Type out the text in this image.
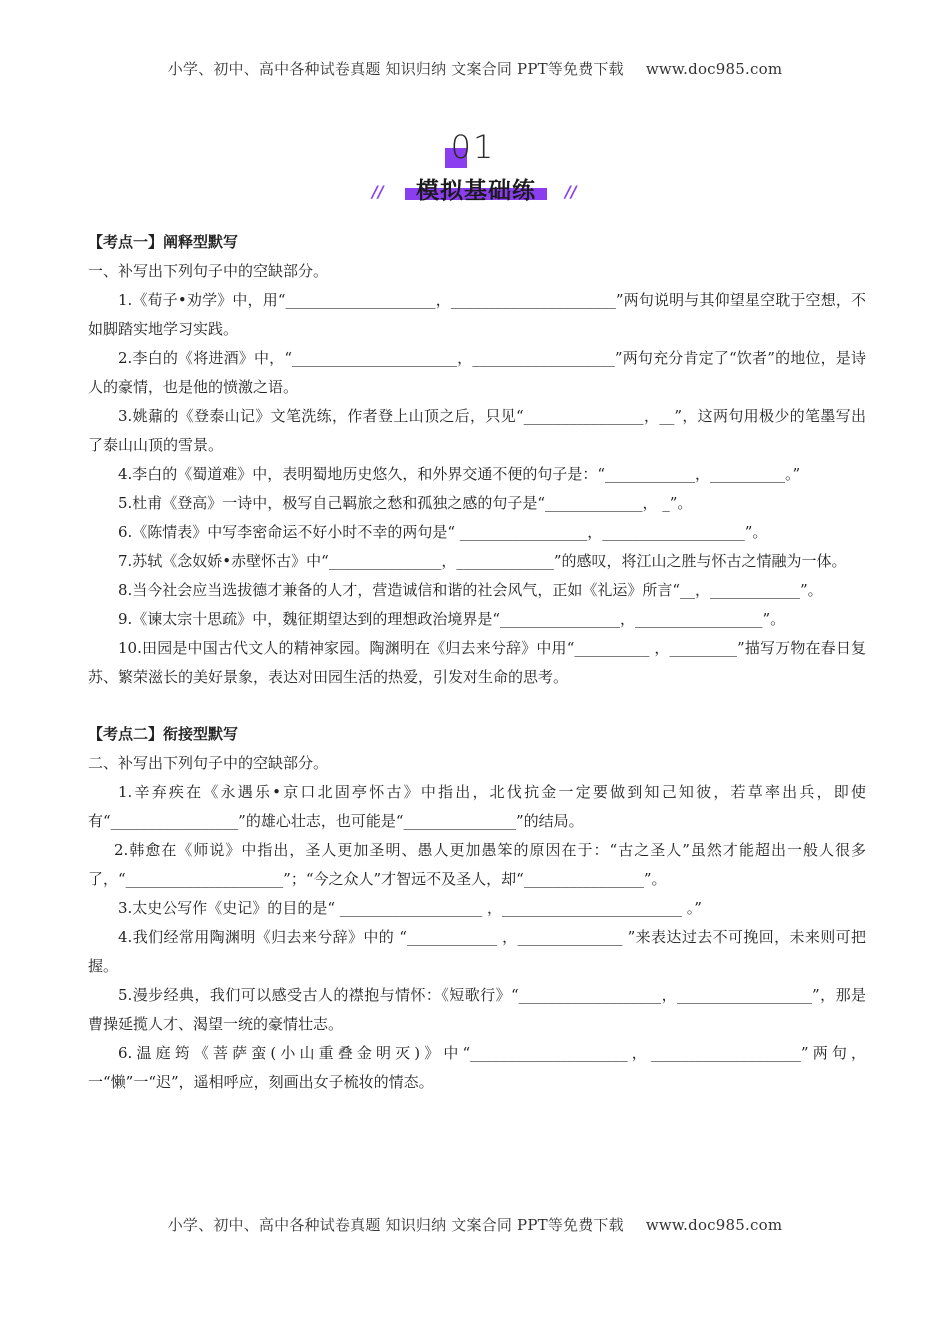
小学、初中、高中各种试卷真题 知识归纳 文案合同 PPT等免费下载 www.doc985.com
01
//	模拟基础练	//

【考点一】阐释型默写

一、补写出下列句子中的空缺部分。

1.《荀子•劝学》中，用“____________________，______________________”两句说明与其仰望星空耽于空想，不如脚踏实地学习实践。

2.李白的《将进酒》中，“______________________，___________________”两句充分肯定了“饮者”的地位，是诗人的豪情，也是他的愤激之语。

3.姚鼐的《登泰山记》文笔洗练，作者登上山顶之后，只见“________________，__”，这两句用极少的笔墨写出了泰山山顶的雪景。

4.李白的《蜀道难》中，表明蜀地历史悠久，和外界交通不便的句子是：“____________，__________。”

5.杜甫《登高》一诗中，极写自己羁旅之愁和孤独之感的句子是“_____________， _”。

6.《陈情表》中写李密命运不好小时不幸的两句是“ _________________，___________________”。

7.苏轼《念奴娇•赤壁怀古》中“_______________，_____________”的感叹，将江山之胜与怀古之情融为一体。

8.当今社会应当选拔德才兼备的人才，营造诚信和谐的社会风气，正如《礼运》所言“__，____________”。

9.《谏太宗十思疏》中，魏征期望达到的理想政治境界是“________________，_________________”。

10.田园是中国古代文人的精神家园。陶渊明在《归去来兮辞》中用“__________ ，_________”描写万物在春日复苏、繁荣滋长的美好景象，表达对田园生活的热爱，引发对生命的思考。

【考点二】衔接型默写

二、补写出下列句子中的空缺部分。

1.辛弃疾在《永遇乐•京口北固亭怀古》中指出，北伐抗金一定要做到知己知彼，若草率出兵，即使有“_________________”的雄心壮志，也可能是“_______________”的结局。

2.韩愈在《师说》中指出，圣人更加圣明、愚人更加愚笨的原因在于：“古之圣人”虽然才能超出一般人很多了，“_____________________”；“今之众人”才智远不及圣人，却“________________”。

3.太史公写作《史记》的目的是“ ___________________ ，________________________ 。”

4.我们经常用陶渊明《归去来兮辞》中的 “____________ ，______________ ”来表达过去不可挽回，未来则可把握。

5.漫步经典，我们可以感受古人的襟抱与情怀：《短歌行》“___________________，__________________”，那是曹操延揽人才、渴望一统的豪情壮志。

6.温庭筠《菩萨蛮(小山重叠金明灭)》中“_____________________，____________________”两句，一“懒”一“迟”，遥相呼应，刻画出女子梳妆的情态。

小学、初中、高中各种试卷真题 知识归纳 文案合同 PPT等免费下载 www.doc985.com
